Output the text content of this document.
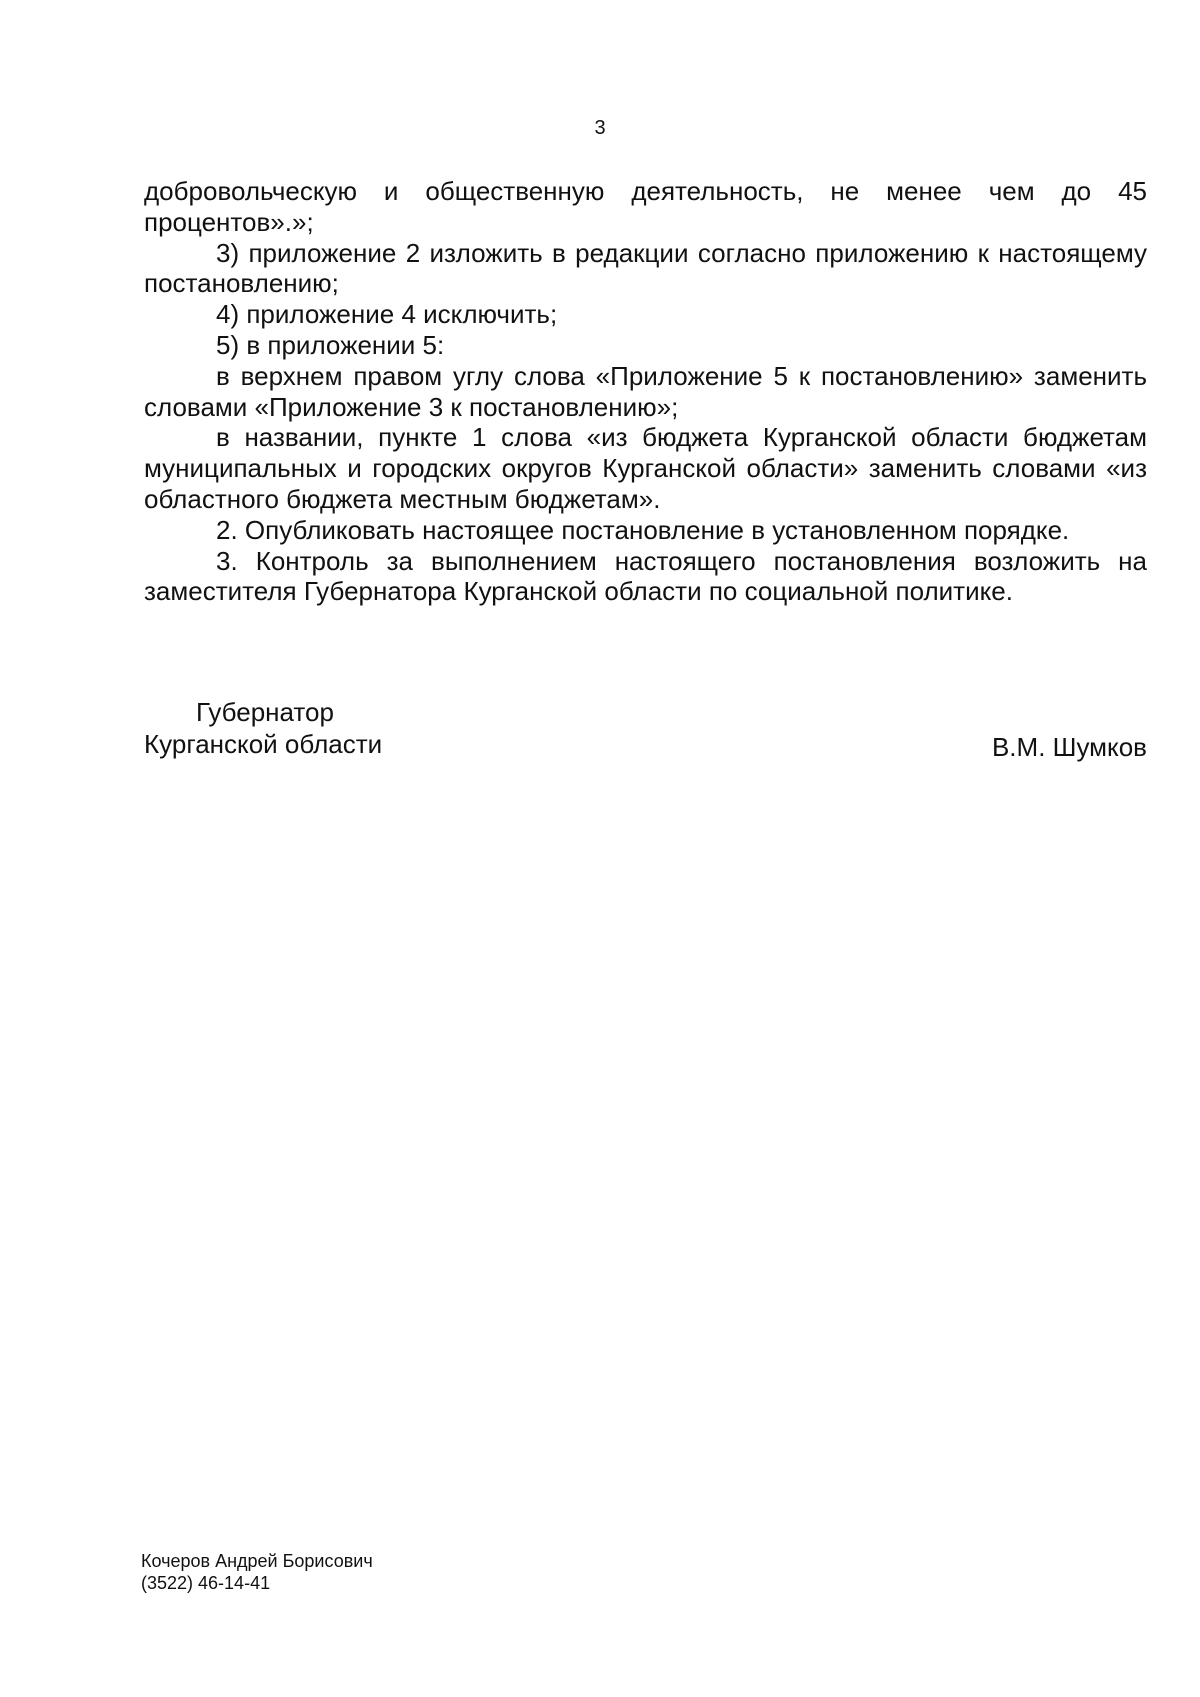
3

добровольческую и общественную деятельность, не менее чем до 45 процентов».»;

3) приложение 2 изложить в редакции согласно приложению к настоящему постановлению;

4) приложение 4 исключить;

5) в приложении 5:

в верхнем правом углу слова «Приложение 5 к постановлению» заменить словами «Приложение 3 к постановлению»;

в названии, пункте 1 слова «из бюджета Курганской области бюджетам муниципальных и городских округов Курганской области» заменить словами «из областного бюджета местным бюджетам».

2. Опубликовать настоящее постановление в установленном порядке.

3. Контроль за выполнением настоящего постановления возложить на заместителя Губернатора Курганской области по социальной политике.

Губернатор
Курганской области	В.М. Шумков
Кочеров Андрей Борисович
(3522) 46-14-41
